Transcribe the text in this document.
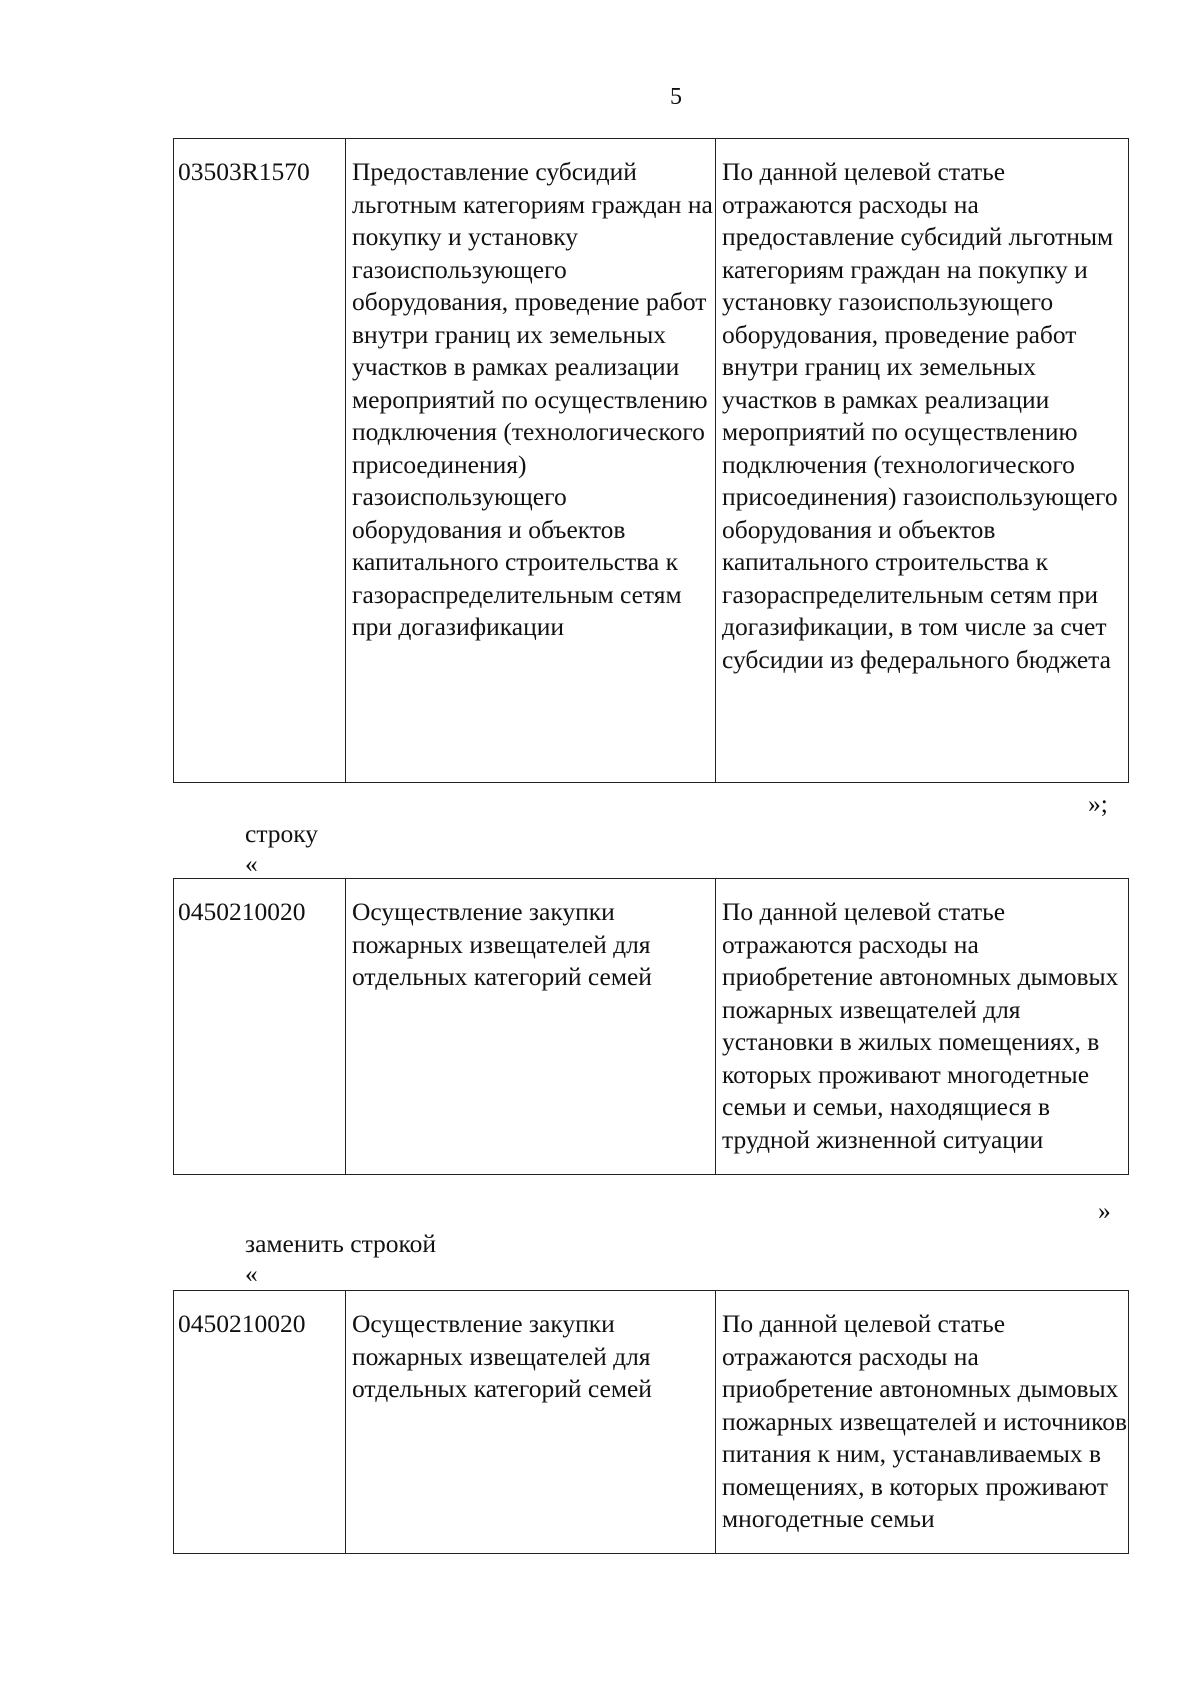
5
03503R1570	Предоставление субсидий льготным категориям граждан на покупку и установку газоиспользующего оборудования, проведение работ внутри границ их земельных участков в рамках реализации мероприятий по осуществлению подключения (технологического присоединения) газоиспользующего оборудования и объектов капитального строительства к газораспределительным сетям при догазификации	По данной целевой статье отражаются расходы на предоставление субсидий льготным категориям граждан на покупку и установку газоиспользующего оборудования, проведение работ внутри границ их земельных участков в рамках реализации мероприятий по осуществлению подключения (технологического присоединения) газоиспользующего оборудования и объектов капитального строительства к газораспределительным сетям при догазификации, в том числе за счет субсидии из федерального бюджета
»;
строку
«
0450210020	Осуществление закупки пожарных извещателей для отдельных категорий семей	По данной целевой статье отражаются расходы на приобретение автономных дымовых пожарных извещателей для установки в жилых помещениях, в которых проживают многодетные семьи и семьи, находящиеся в трудной жизненной ситуации
»
заменить строкой
«
0450210020	Осуществление закупки пожарных извещателей для отдельных категорий семей	По данной целевой статье отражаются расходы на приобретение автономных дымовых пожарных извещателей и источников питания к ним, устанавливаемых в помещениях, в которых проживают многодетные семьи
